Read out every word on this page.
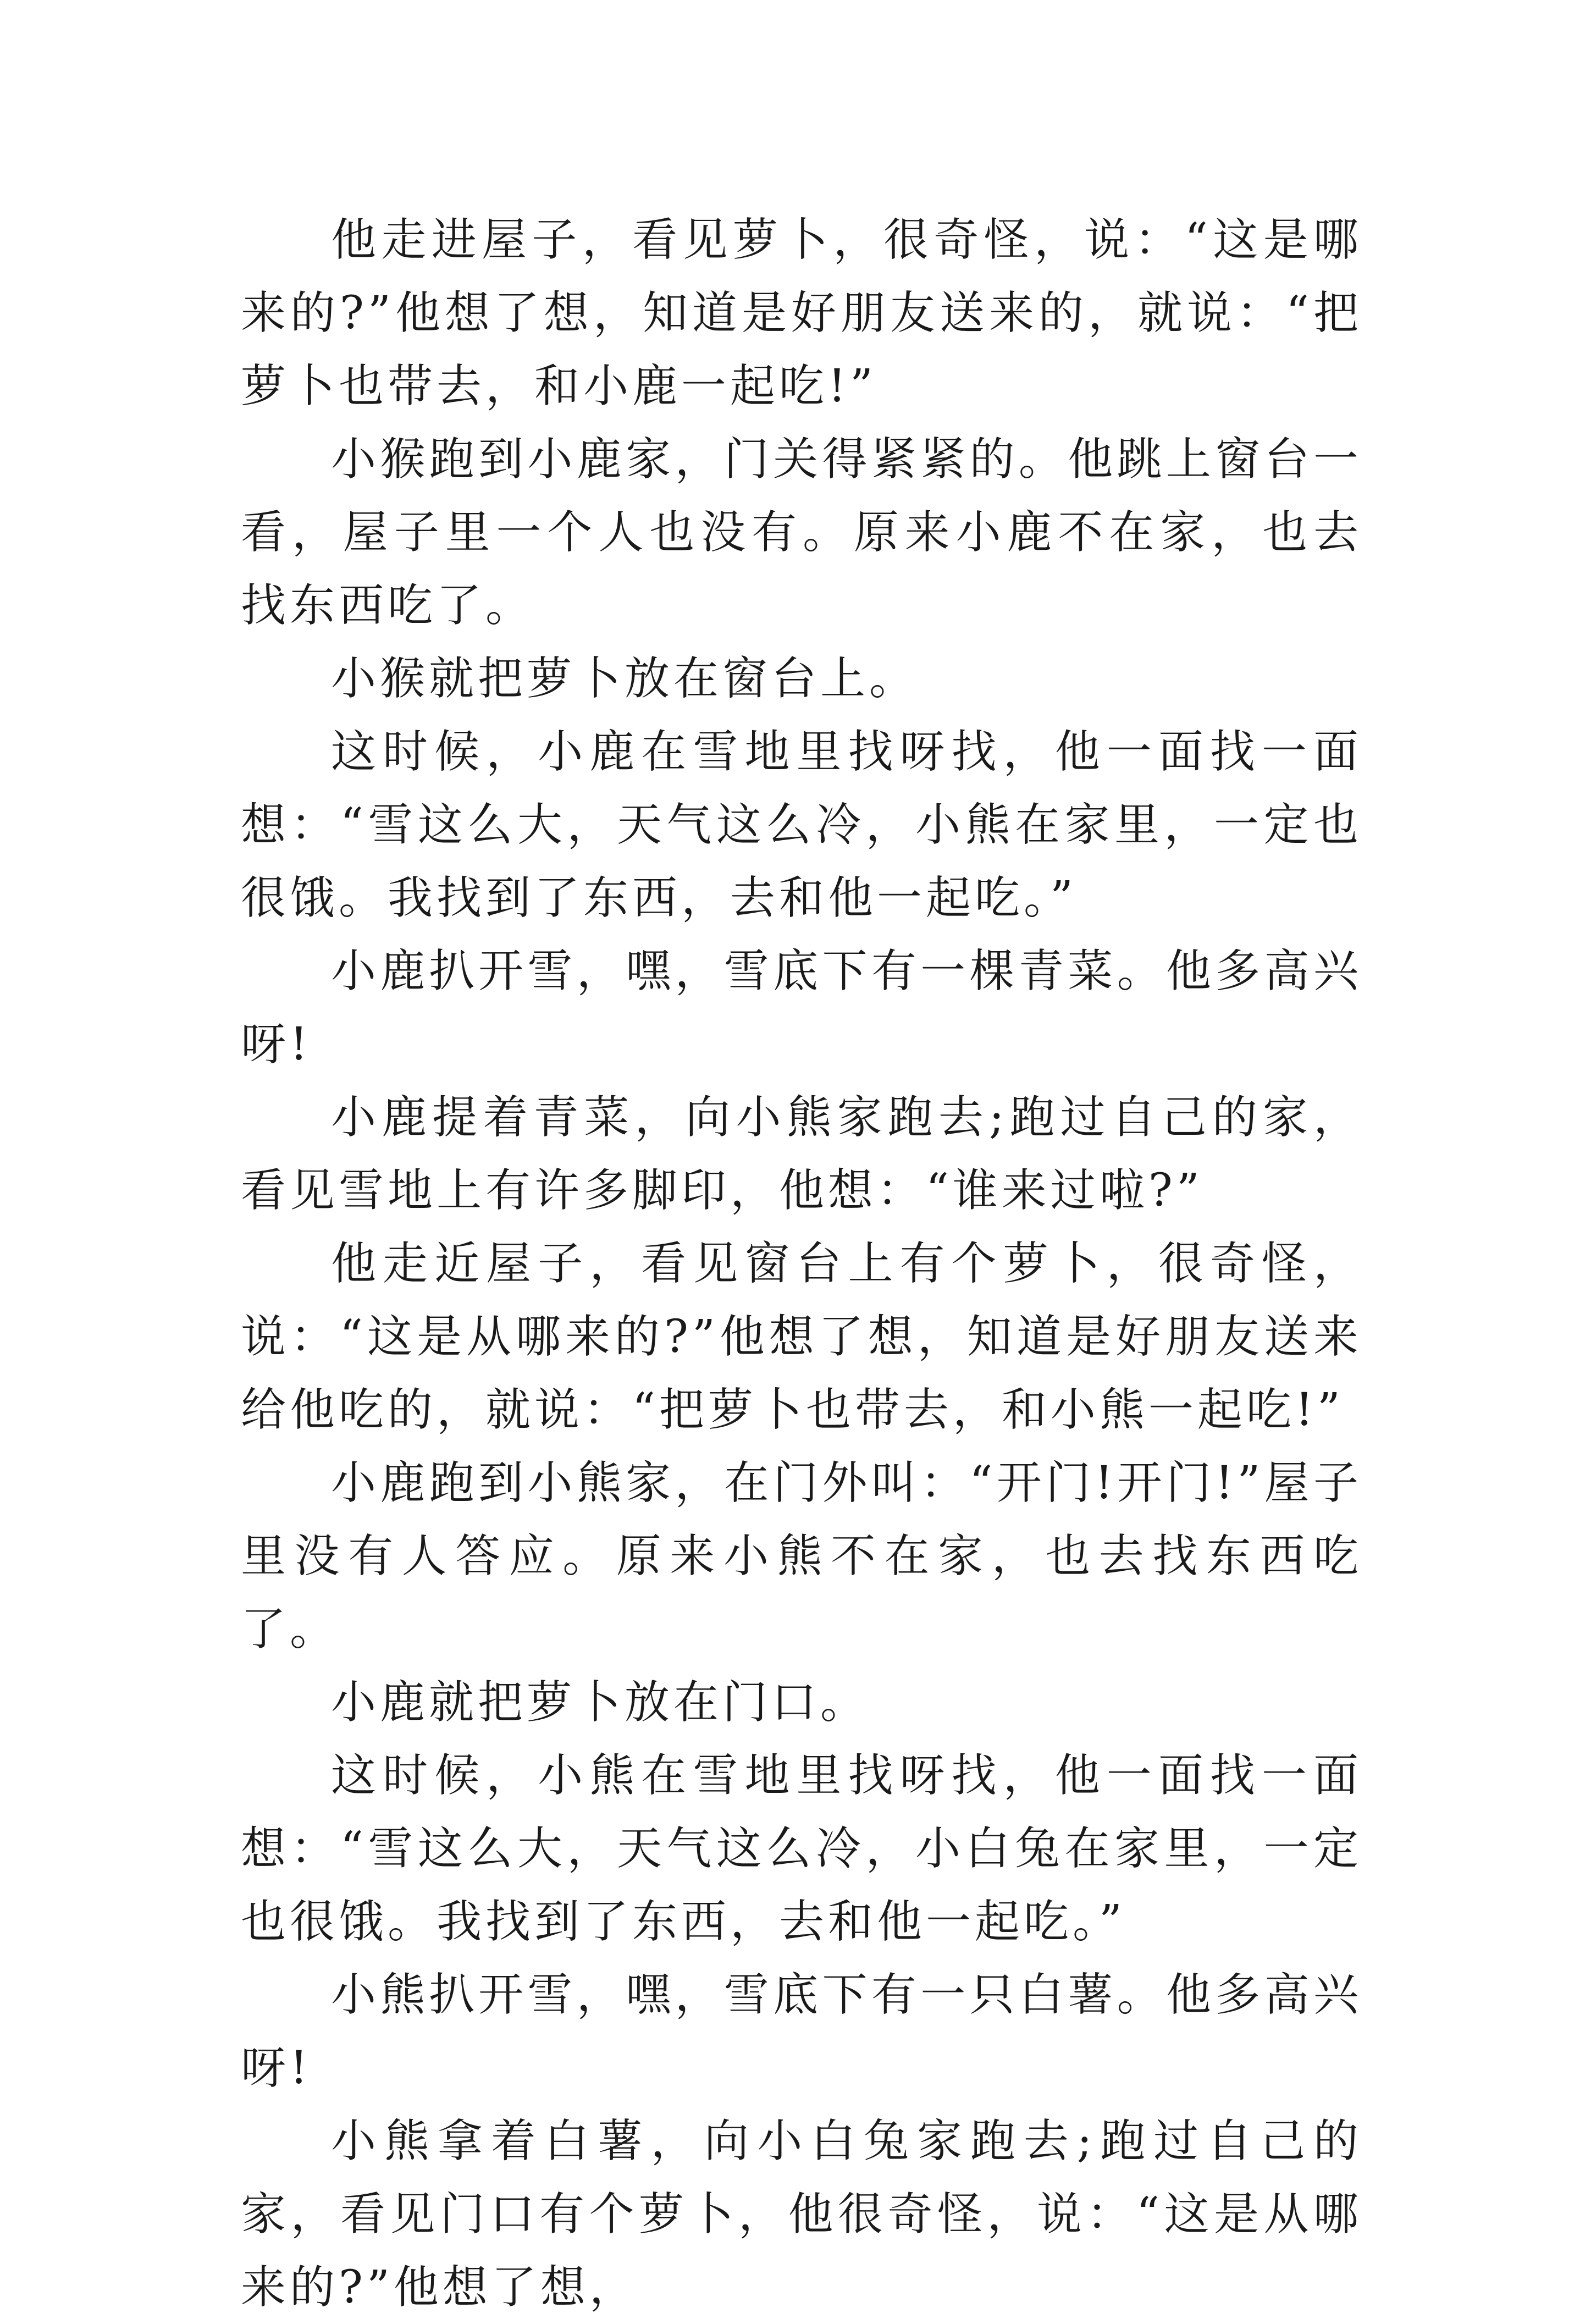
他走进屋子，看见萝卜，很奇怪，说：“这是哪来的?”他想了想，知道是好朋友送来的，就说：“把萝卜也带去，和小鹿一起吃!”

小猴跑到小鹿家，门关得紧紧的。他跳上窗台一看，屋子里一个人也没有。原来小鹿不在家，也去找东西吃了。

小猴就把萝卜放在窗台上。

这时候，小鹿在雪地里找呀找，他一面找一面想：“雪这么大，天气这么冷，小熊在家里，一定也很饿。我找到了东西，去和他一起吃。”

小鹿扒开雪，嘿，雪底下有一棵青菜。他多高兴呀!

小鹿提着青菜，向小熊家跑去;跑过自己的家，看见雪地上有许多脚印，他想：“谁来过啦?”

他走近屋子，看见窗台上有个萝卜，很奇怪，说：“这是从哪来的?”他想了想，知道是好朋友送来给他吃的，就说：“把萝卜也带去，和小熊一起吃!”

小鹿跑到小熊家，在门外叫：“开门!开门!”屋子里没有人答应。原来小熊不在家，也去找东西吃了。

小鹿就把萝卜放在门口。

这时候，小熊在雪地里找呀找，他一面找一面想：“雪这么大，天气这么冷，小白兔在家里，一定也很饿。我找到了东西，去和他一起吃。”

小熊扒开雪，嘿，雪底下有一只白薯。他多高兴呀!

小熊拿着白薯，向小白兔家跑去;跑过自己的家，看见门口有个萝卜，他很奇怪，说：“这是从哪来的?”他想了想，
